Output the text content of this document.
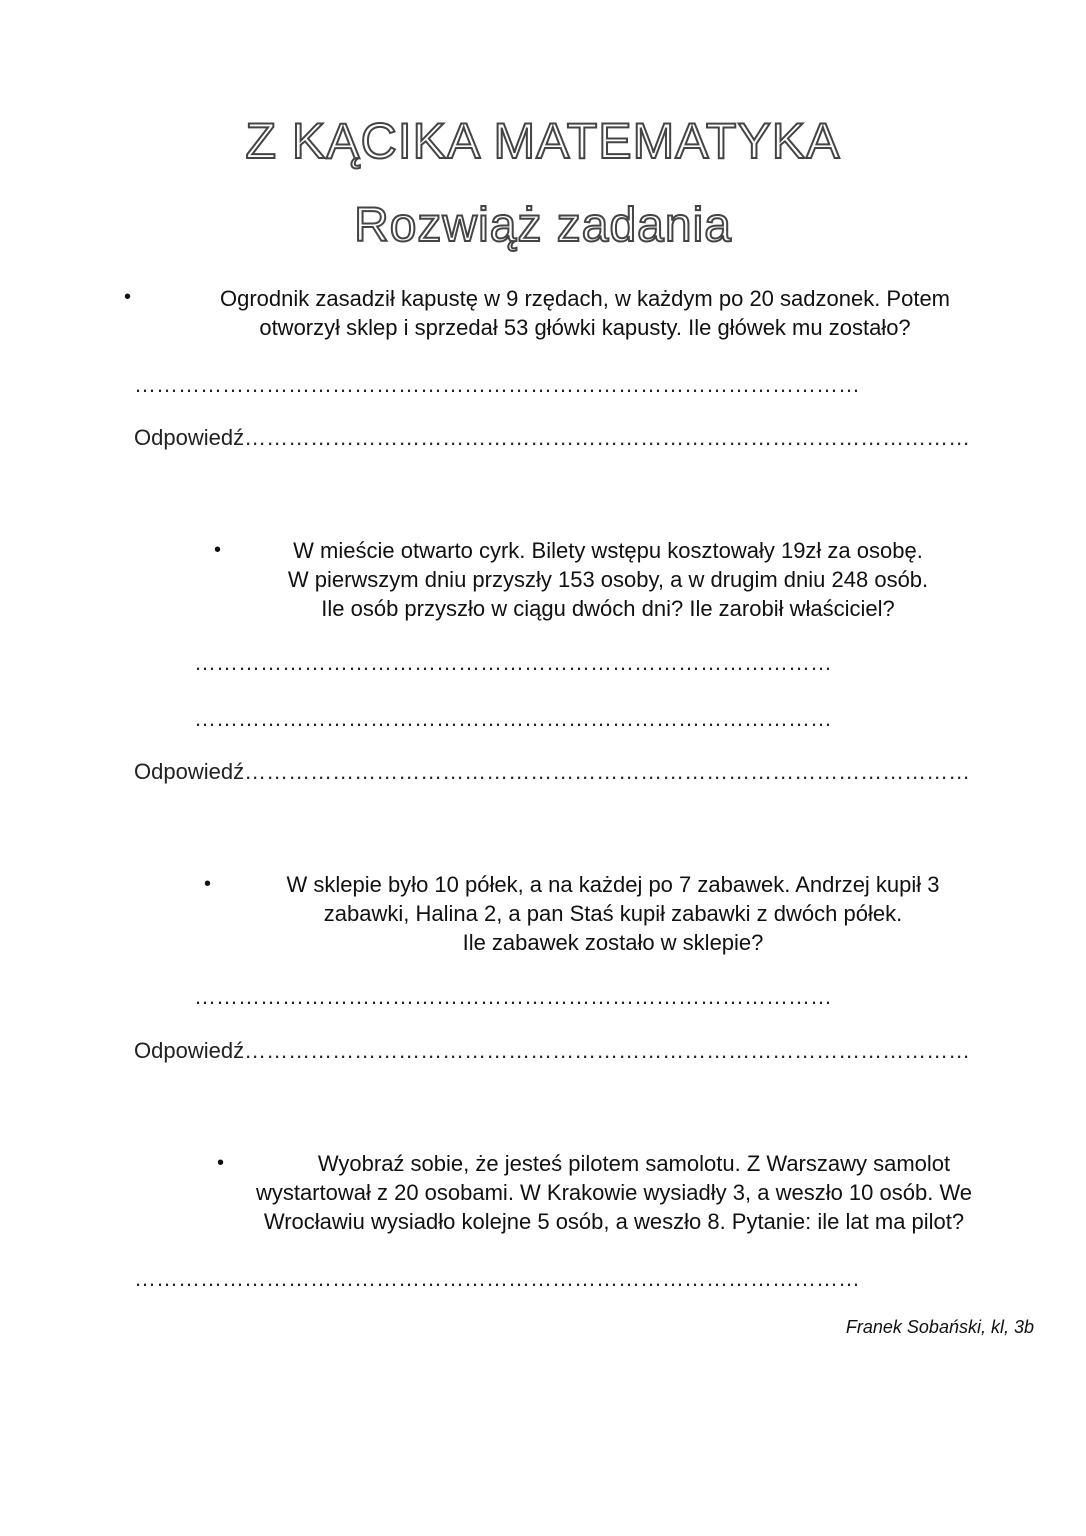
Z KĄCIKA MATEMATYKA
Rozwiąż zadania
•	Ogrodnik zasadził kapustę w 9 rzędach, w każdym po 20 sadzonek. Potem

otworzył sklep i sprzedał 53 główki kapusty. Ile główek mu zostało?

………………………………………………………………………………………
Odpowiedź………………………………………………………………………………………
•	W mieście otwarto cyrk. Bilety wstępu kosztowały 19zł za osobę.

W pierwszym dniu przyszły 153 osoby, a w drugim dniu 248 osób.

Ile osób przyszło w ciągu dwóch dni? Ile zarobił właściciel?

……………………………………………………………………………
……………………………………………………………………………
Odpowiedź………………………………………………………………………………………
•	W sklepie było 10 półek, a na każdej po 7 zabawek. Andrzej kupił 3

zabawki, Halina 2, a pan Staś kupił zabawki z dwóch półek.

Ile zabawek zostało w sklepie?

……………………………………………………………………………
Odpowiedź………………………………………………………………………………………
•	Wyobraź sobie, że jesteś pilotem samolotu. Z Warszawy samolot

wystartował z 20 osobami. W Krakowie wysiadły 3, a weszło 10 osób. We

Wrocławiu wysiadło kolejne 5 osób, a weszło 8. Pytanie: ile lat ma pilot?

………………………………………………………………………………………
Franek Sobański, kl, 3b
